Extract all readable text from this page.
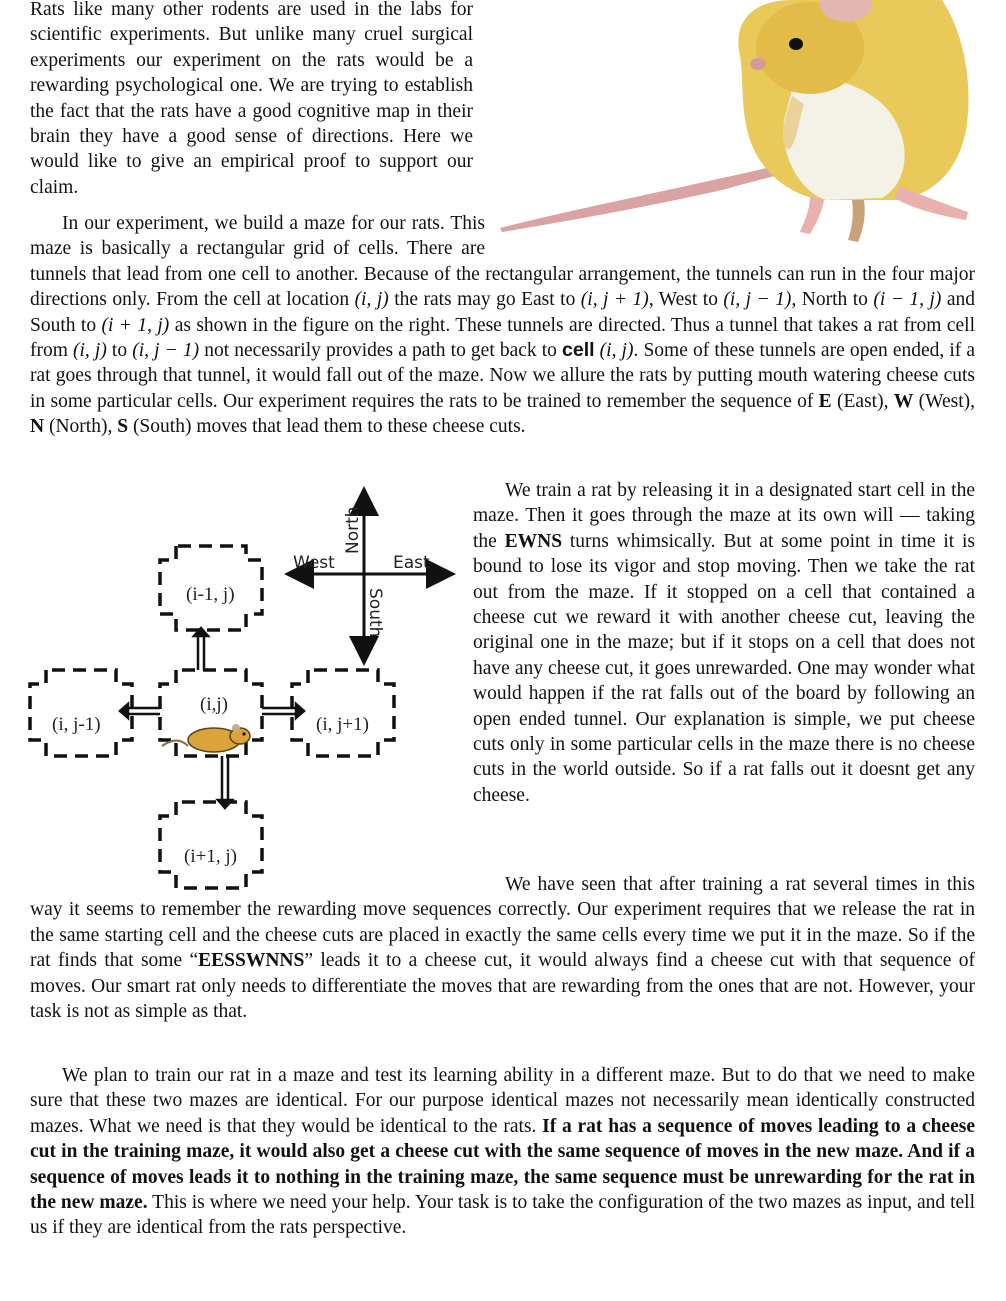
Rats like many other rodents are used in the labs for scientific experiments. But unlike many cruel surgical experiments our experiment on the rats would be a rewarding psychological one. We are trying to establish the fact that the rats have a good cognitive map in their brain they have a good sense of directions. Here we would like to give an empirical proof to support our claim.

In our experiment, we build a maze for our rats. This maze is basically a rectangular grid of cells. There are tunnels that lead from one cell to another. Because of the rectangular arrangement, the tunnels can run in the four major directions only. From the cell at location (i, j) the rats may go East to (i, j + 1), West to (i, j − 1), North to (i − 1, j) and South to (i + 1, j) as shown in the figure on the right. These tunnels are directed. Thus a tunnel that takes a rat from cell from (i, j) to (i, j − 1) not necessarily provides a path to get back to cell (i, j). Some of these tunnels are open ended, if a rat goes through that tunnel, it would fall out of the maze. Now we allure the rats by putting mouth watering cheese cuts in some particular cells. Our experiment requires the rats to be trained to remember the sequence of E (East), W (West), N (North), S (South) moves that lead them to these cheese cuts.

North
West	East
South
(i,j)
(i-1, j)
(i, j-1)	(i, j+1)
(i+1, j)

We train a rat by releasing it in a designated start cell in the maze. Then it goes through the maze at its own will — taking the EWNS turns whimsically. But at some point in time it is bound to lose its vigor and stop moving. Then we take the rat out from the maze. If it stopped on a cell that contained a cheese cut we reward it with another cheese cut, leaving the original one in the maze; but if it stops on a cell that does not have any cheese cut, it goes unrewarded. One may wonder what would happen if the rat falls out of the board by following an open ended tunnel. Our explanation is simple, we put cheese cuts only in some particular cells in the maze there is no cheese cuts in the world outside. So if a rat falls out it doesnt get any cheese.

We have seen that after training a rat several times in this way it seems to remember the rewarding move sequences correctly. Our experiment requires that we release the rat in the same starting cell and the cheese cuts are placed in exactly the same cells every time we put it in the maze. So if the rat finds that some “EESSWNNS” leads it to a cheese cut, it would always find a cheese cut with that sequence of moves. Our smart rat only needs to differentiate the moves that are rewarding from the ones that are not. However, your task is not as simple as that.

We plan to train our rat in a maze and test its learning ability in a different maze. But to do that we need to make sure that these two mazes are identical. For our purpose identical mazes not necessarily mean identically constructed mazes. What we need is that they would be identical to the rats. If a rat has a sequence of moves leading to a cheese cut in the training maze, it would also get a cheese cut with the same sequence of moves in the new maze. And if a sequence of moves leads it to nothing in the training maze, the same sequence must be unrewarding for the rat in the new maze. This is where we need your help. Your task is to take the configuration of the two mazes as input, and tell us if they are identical from the rats perspective.
